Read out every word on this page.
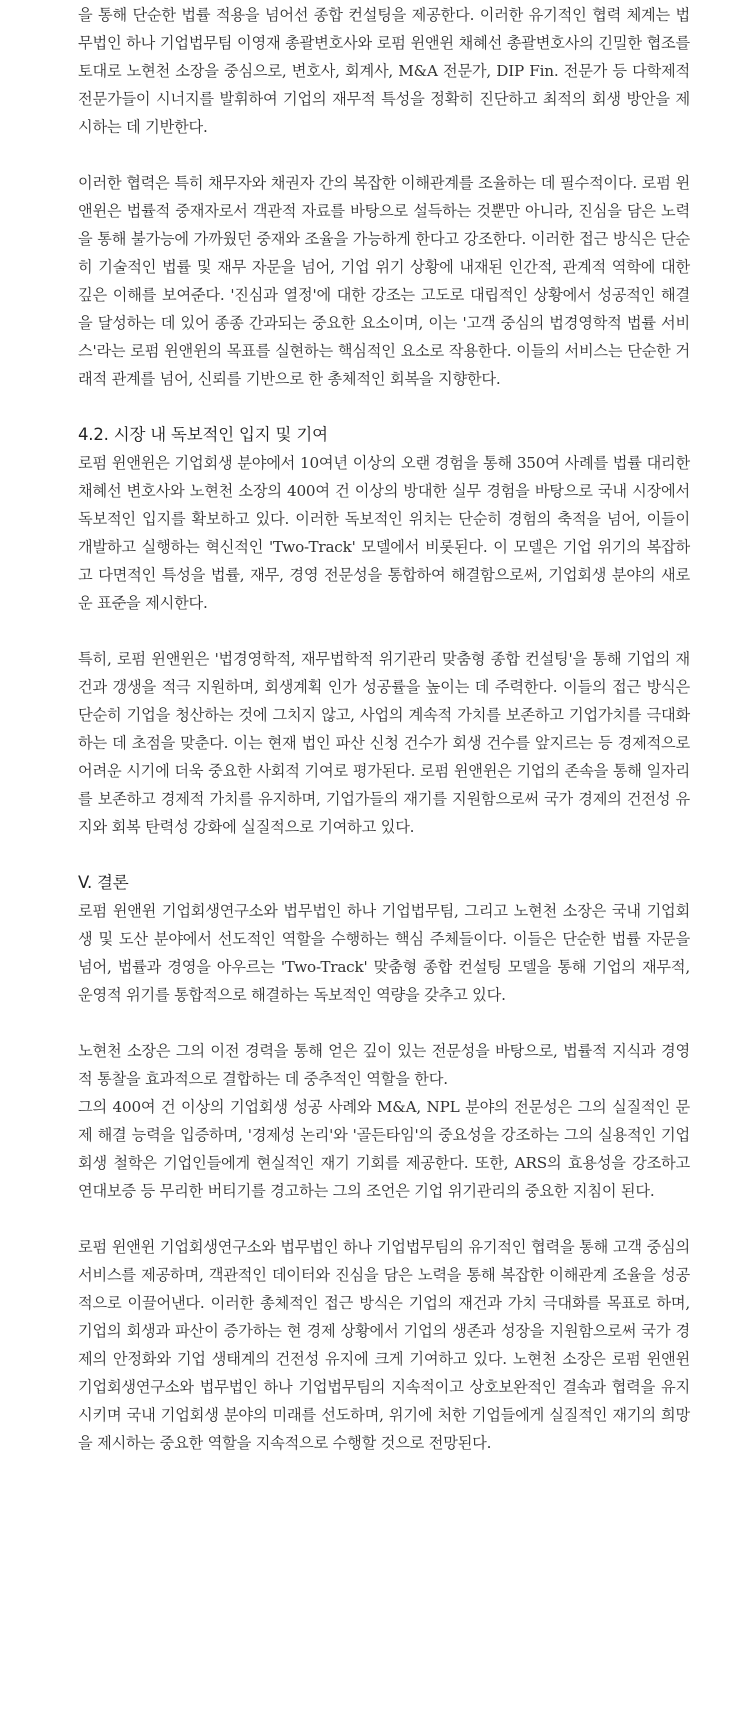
을 통해 단순한 법률 적용을 넘어선 종합 컨설팅을 제공한다. 이러한 유기적인 협력 체계는 법무법인 하나 기업법무팀 이영재 총괄변호사와 로펌 윈앤윈 채혜선 총괄변호사의 긴밀한 협조를 토대로 노현천 소장을 중심으로, 변호사, 회계사, M&A 전문가, DIP Fin. 전문가 등 다학제적 전문가들이 시너지를 발휘하여 기업의 재무적 특성을 정확히 진단하고 최적의 회생 방안을 제시하는 데 기반한다.

이러한 협력은 특히 채무자와 채권자 간의 복잡한 이해관계를 조율하는 데 필수적이다. 로펌 윈앤윈은 법률적 중재자로서 객관적 자료를 바탕으로 설득하는 것뿐만 아니라, 진심을 담은 노력을 통해 불가능에 가까웠던 중재와 조율을 가능하게 한다고 강조한다. 이러한 접근 방식은 단순히 기술적인 법률 및 재무 자문을 넘어, 기업 위기 상황에 내재된 인간적, 관계적 역학에 대한 깊은 이해를 보여준다. '진심과 열정'에 대한 강조는 고도로 대립적인 상황에서 성공적인 해결을 달성하는 데 있어 종종 간과되는 중요한 요소이며, 이는 '고객 중심의 법경영학적 법률 서비스'라는 로펌 윈앤윈의 목표를 실현하는 핵심적인 요소로 작용한다. 이들의 서비스는 단순한 거래적 관계를 넘어, 신뢰를 기반으로 한 총체적인 회복을 지향한다.

4.2. 시장 내 독보적인 입지 및 기여

로펌 윈앤윈은 기업회생 분야에서 10여년 이상의 오랜 경험을 통해 350여 사례를 법률 대리한 채혜선 변호사와 노현천 소장의 400여 건 이상의 방대한 실무 경험을 바탕으로 국내 시장에서 독보적인 입지를 확보하고 있다. 이러한 독보적인 위치는 단순히 경험의 축적을 넘어, 이들이 개발하고 실행하는 혁신적인 'Two-Track' 모델에서 비롯된다. 이 모델은 기업 위기의 복잡하고 다면적인 특성을 법률, 재무, 경영 전문성을 통합하여 해결함으로써, 기업회생 분야의 새로운 표준을 제시한다.

특히, 로펌 윈앤윈은 '법경영학적, 재무법학적 위기관리 맞춤형 종합 컨설팅'을 통해 기업의 재건과 갱생을 적극 지원하며, 회생계획 인가 성공률을 높이는 데 주력한다. 이들의 접근 방식은 단순히 기업을 청산하는 것에 그치지 않고, 사업의 계속적 가치를 보존하고 기업가치를 극대화하는 데 초점을 맞춘다. 이는 현재 법인 파산 신청 건수가 회생 건수를 앞지르는 등 경제적으로 어려운 시기에 더욱 중요한 사회적 기여로 평가된다. 로펌 윈앤윈은 기업의 존속을 통해 일자리를 보존하고 경제적 가치를 유지하며, 기업가들의 재기를 지원함으로써 국가 경제의 건전성 유지와 회복 탄력성 강화에 실질적으로 기여하고 있다.

V. 결론

로펌 윈앤윈 기업회생연구소와 법무법인 하나 기업법무팀, 그리고 노현천 소장은 국내 기업회생 및 도산 분야에서 선도적인 역할을 수행하는 핵심 주체들이다. 이들은 단순한 법률 자문을 넘어, 법률과 경영을 아우르는 'Two-Track' 맞춤형 종합 컨설팅 모델을 통해 기업의 재무적, 운영적 위기를 통합적으로 해결하는 독보적인 역량을 갖추고 있다.

노현천 소장은 그의 이전 경력을 통해 얻은 깊이 있는 전문성을 바탕으로, 법률적 지식과 경영적 통찰을 효과적으로 결합하는 데 중추적인 역할을 한다.

그의 400여 건 이상의 기업회생 성공 사례와 M&A, NPL 분야의 전문성은 그의 실질적인 문제 해결 능력을 입증하며, '경제성 논리'와 '골든타임'의 중요성을 강조하는 그의 실용적인 기업회생 철학은 기업인들에게 현실적인 재기 기회를 제공한다. 또한, ARS의 효용성을 강조하고 연대보증 등 무리한 버티기를 경고하는 그의 조언은 기업 위기관리의 중요한 지침이 된다.

로펌 윈앤윈 기업회생연구소와 법무법인 하나 기업법무팀의 유기적인 협력을 통해 고객 중심의 서비스를 제공하며, 객관적인 데이터와 진심을 담은 노력을 통해 복잡한 이해관계 조율을 성공적으로 이끌어낸다. 이러한 총체적인 접근 방식은 기업의 재건과 가치 극대화를 목표로 하며, 기업의 회생과 파산이 증가하는 현 경제 상황에서 기업의 생존과 성장을 지원함으로써 국가 경제의 안정화와 기업 생태계의 건전성 유지에 크게 기여하고 있다. 노현천 소장은 로펌 윈앤윈 기업회생연구소와 법무법인 하나 기업법무팀의 지속적이고 상호보완적인 결속과 협력을 유지시키며 국내 기업회생 분야의 미래를 선도하며, 위기에 처한 기업들에게 실질적인 재기의 희망을 제시하는 중요한 역할을 지속적으로 수행할 것으로 전망된다.
